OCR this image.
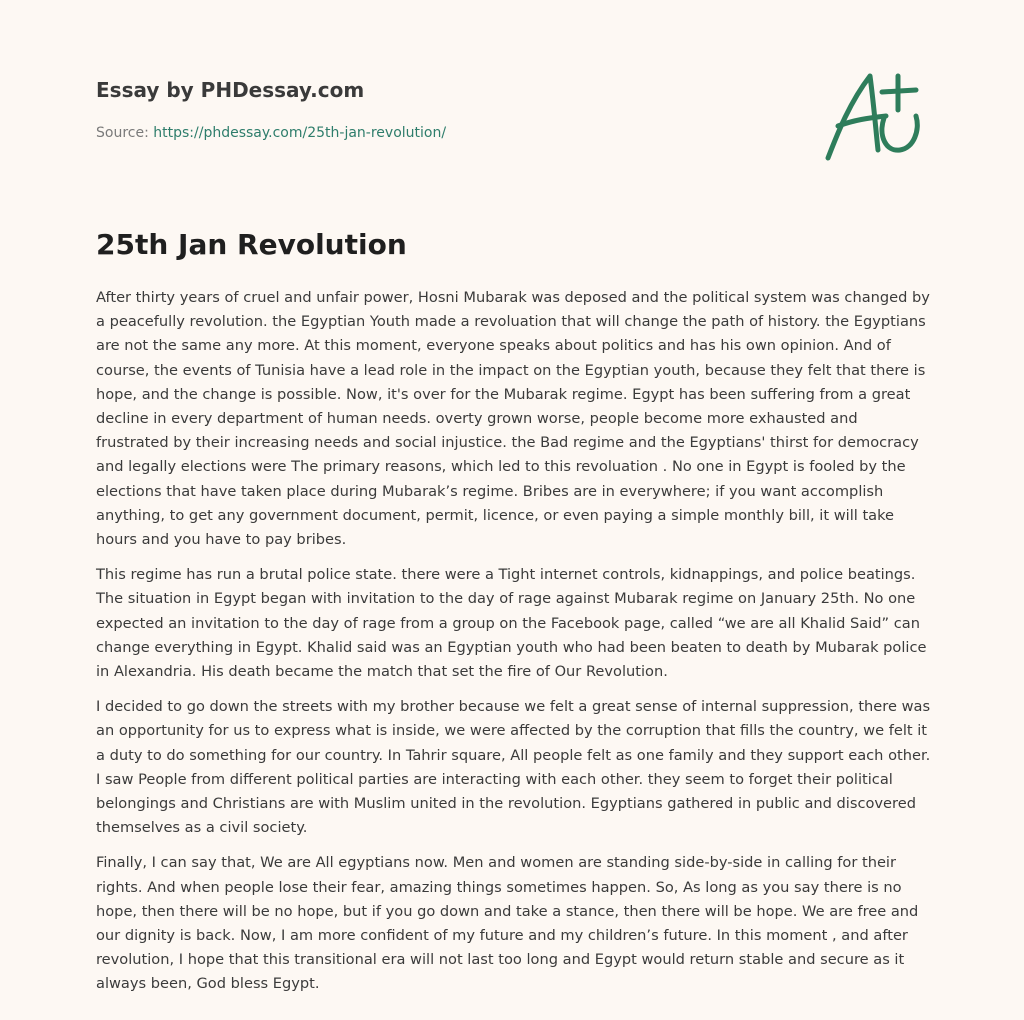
Essay by PHDessay.com
Source: https://phdessay.com/25th-jan-revolution/
25th Jan Revolution

After thirty years of cruel and unfair power, Hosni Mubarak was deposed and the political system was changed by a peacefully revolution. the Egyptian Youth made a revoluation that will change the path of history. the Egyptians are not the same any more. At this moment, everyone speaks about politics and has his own opinion. And of course, the events of Tunisia have a lead role in the impact on the Egyptian youth, because they felt that there is hope, and the change is possible. Now, it's over for the Mubarak regime. Egypt has been suffering from a great decline in every department of human needs. overty grown worse, people become more exhausted and frustrated by their increasing needs and social injustice. the Bad regime and the Egyptians' thirst for democracy and legally elections were The primary reasons, which led to this revoluation . No one in Egypt is fooled by the elections that have taken place during Mubarak’s regime. Bribes are in everywhere; if you want accomplish anything, to get any government document, permit, licence, or even paying a simple monthly bill, it will take hours and you have to pay bribes.

This regime has run a brutal police state. there were a Tight internet controls, kidnappings, and police beatings. The situation in Egypt began with invitation to the day of rage against Mubarak regime on January 25th. No one expected an invitation to the day of rage from a group on the Facebook page, called “we are all Khalid Said” can change everything in Egypt. Khalid said was an Egyptian youth who had been beaten to death by Mubarak police in Alexandria. His death became the match that set the fire of Our Revolution.

I decided to go down the streets with my brother because we felt a great sense of internal suppression, there was an opportunity for us to express what is inside, we were affected by the corruption that fills the country, we felt it a duty to do something for our country. In Tahrir square, All people felt as one family and they support each other. I saw People from different political parties are interacting with each other. they seem to forget their political belongings and Christians are with Muslim united in the revolution. Egyptians gathered in public and discovered themselves as a civil society.

Finally, I can say that, We are All egyptians now. Men and women are standing side-by-side in calling for their rights. And when people lose their fear, amazing things sometimes happen. So, As long as you say there is no hope, then there will be no hope, but if you go down and take a stance, then there will be hope. We are free and our dignity is back. Now, I am more confident of my future and my children’s future. In this moment , and after revolution, I hope that this transitional era will not last too long and Egypt would return stable and secure as it always been, God bless Egypt.
